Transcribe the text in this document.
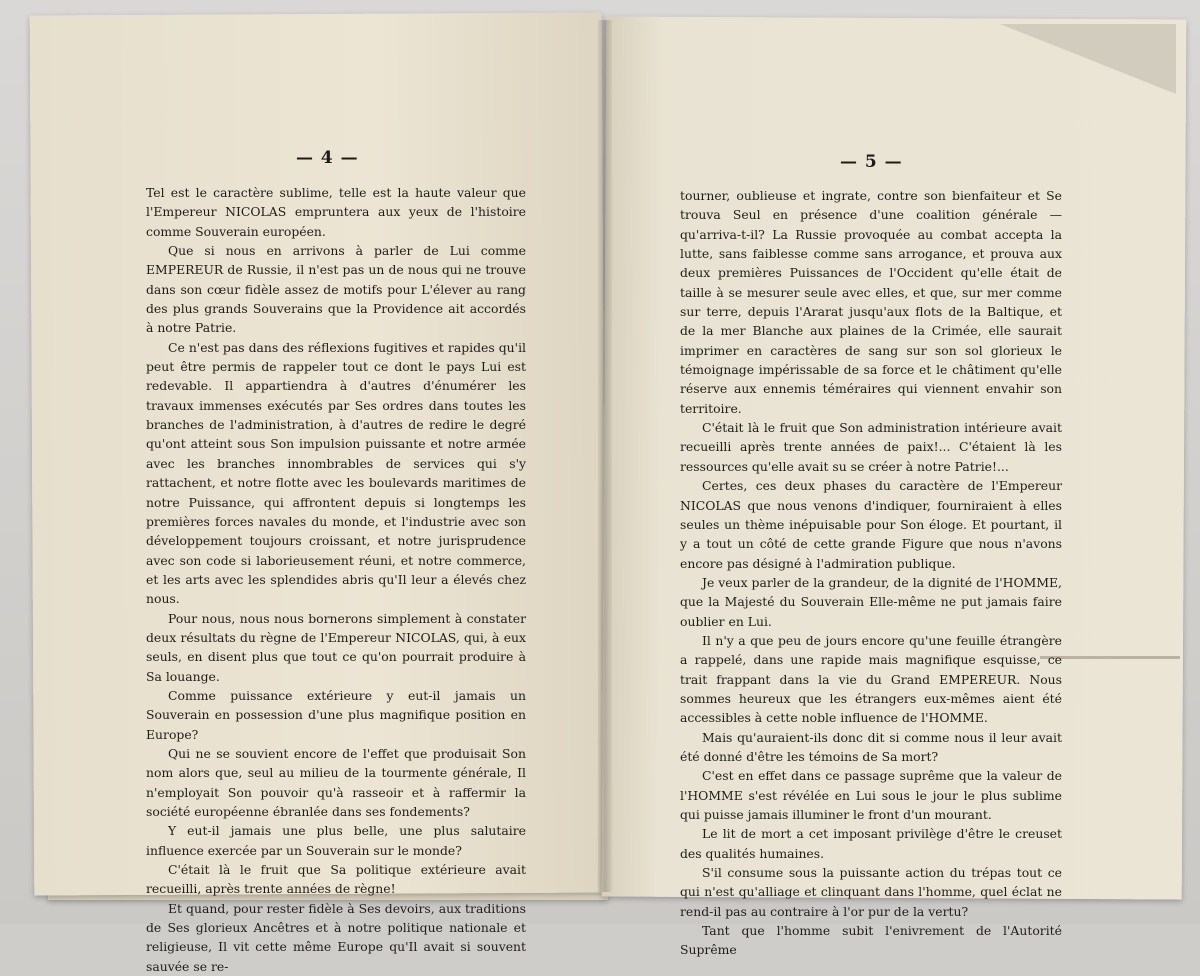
— 4 —	— 5 —

Tel est le caractère sublime, telle est la haute valeur que l'Empereur NICOLAS empruntera aux yeux de l'histoire comme Souverain européen.

Que si nous en arrivons à parler de Lui comme EMPEREUR de Russie, il n'est pas un de nous qui ne trouve dans son cœur fidèle assez de motifs pour L'élever au rang des plus grands Souverains que la Providence ait accordés à notre Patrie.

Ce n'est pas dans des réflexions fugitives et rapides qu'il peut être permis de rappeler tout ce dont le pays Lui est redevable. Il appartiendra à d'autres d'énumérer les travaux immenses exécutés par Ses ordres dans toutes les branches de l'administration, à d'autres de redire le degré qu'ont atteint sous Son impulsion puissante et notre armée avec les branches innombrables de services qui s'y rattachent, et notre flotte avec les boulevards maritimes de notre Puissance, qui affrontent depuis si longtemps les premières forces navales du monde, et l'industrie avec son développement toujours croissant, et notre jurisprudence avec son code si laborieusement réuni, et notre commerce, et les arts avec les splendides abris qu'Il leur a élevés chez nous.

Pour nous, nous nous bornerons simplement à constater deux résultats du règne de l'Empereur NICOLAS, qui, à eux seuls, en disent plus que tout ce qu'on pourrait produire à Sa louange.

Comme puissance extérieure y eut-il jamais un Souverain en possession d'une plus magnifique position en Europe?

Qui ne se souvient encore de l'effet que produisait Son nom alors que, seul au milieu de la tourmente générale, Il n'employait Son pouvoir qu'à rasseoir et à raffermir la société européenne ébranlée dans ses fondements?

Y eut-il jamais une plus belle, une plus salutaire influence exercée par un Souverain sur le monde?

C'était là le fruit que Sa politique extérieure avait recueilli, après trente années de règne!

Et quand, pour rester fidèle à Ses devoirs, aux traditions de Ses glorieux Ancêtres et à notre politique nationale et religieuse, Il vit cette même Europe qu'Il avait si souvent sauvée se re-

tourner, oublieuse et ingrate, contre son bienfaiteur et Se trouva Seul en présence d'une coalition générale — qu'arriva-t-il? La Russie provoquée au combat accepta la lutte, sans faiblesse comme sans arrogance, et prouva aux deux premières Puissances de l'Occident qu'elle était de taille à se mesurer seule avec elles, et que, sur mer comme sur terre, depuis l'Ararat jusqu'aux flots de la Baltique, et de la mer Blanche aux plaines de la Crimée, elle saurait imprimer en caractères de sang sur son sol glorieux le témoignage impérissable de sa force et le châtiment qu'elle réserve aux ennemis téméraires qui viennent envahir son territoire.

C'était là le fruit que Son administration intérieure avait recueilli après trente années de paix!... C'étaient là les ressources qu'elle avait su se créer à notre Patrie!...

Certes, ces deux phases du caractère de l'Empereur NICOLAS que nous venons d'indiquer, fourniraient à elles seules un thème inépuisable pour Son éloge. Et pourtant, il y a tout un côté de cette grande Figure que nous n'avons encore pas désigné à l'admiration publique.

Je veux parler de la grandeur, de la dignité de l'HOMME, que la Majesté du Souverain Elle-même ne put jamais faire oublier en Lui.

Il n'y a que peu de jours encore qu'une feuille étrangère a rappelé, dans une rapide mais magnifique esquisse, ce trait frappant dans la vie du Grand EMPEREUR. Nous sommes heureux que les étrangers eux-mêmes aient été accessibles à cette noble influence de l'HOMME.

Mais qu'auraient-ils donc dit si comme nous il leur avait été donné d'être les témoins de Sa mort?

C'est en effet dans ce passage suprême que la valeur de l'HOMME s'est révélée en Lui sous le jour le plus sublime qui puisse jamais illuminer le front d'un mourant.

Le lit de mort a cet imposant privilège d'être le creuset des qualités humaines.

S'il consume sous la puissante action du trépas tout ce qui n'est qu'alliage et clinquant dans l'homme, quel éclat ne rend-il pas au contraire à l'or pur de la vertu?

Tant que l'homme subit l'enivrement de l'Autorité Suprême
